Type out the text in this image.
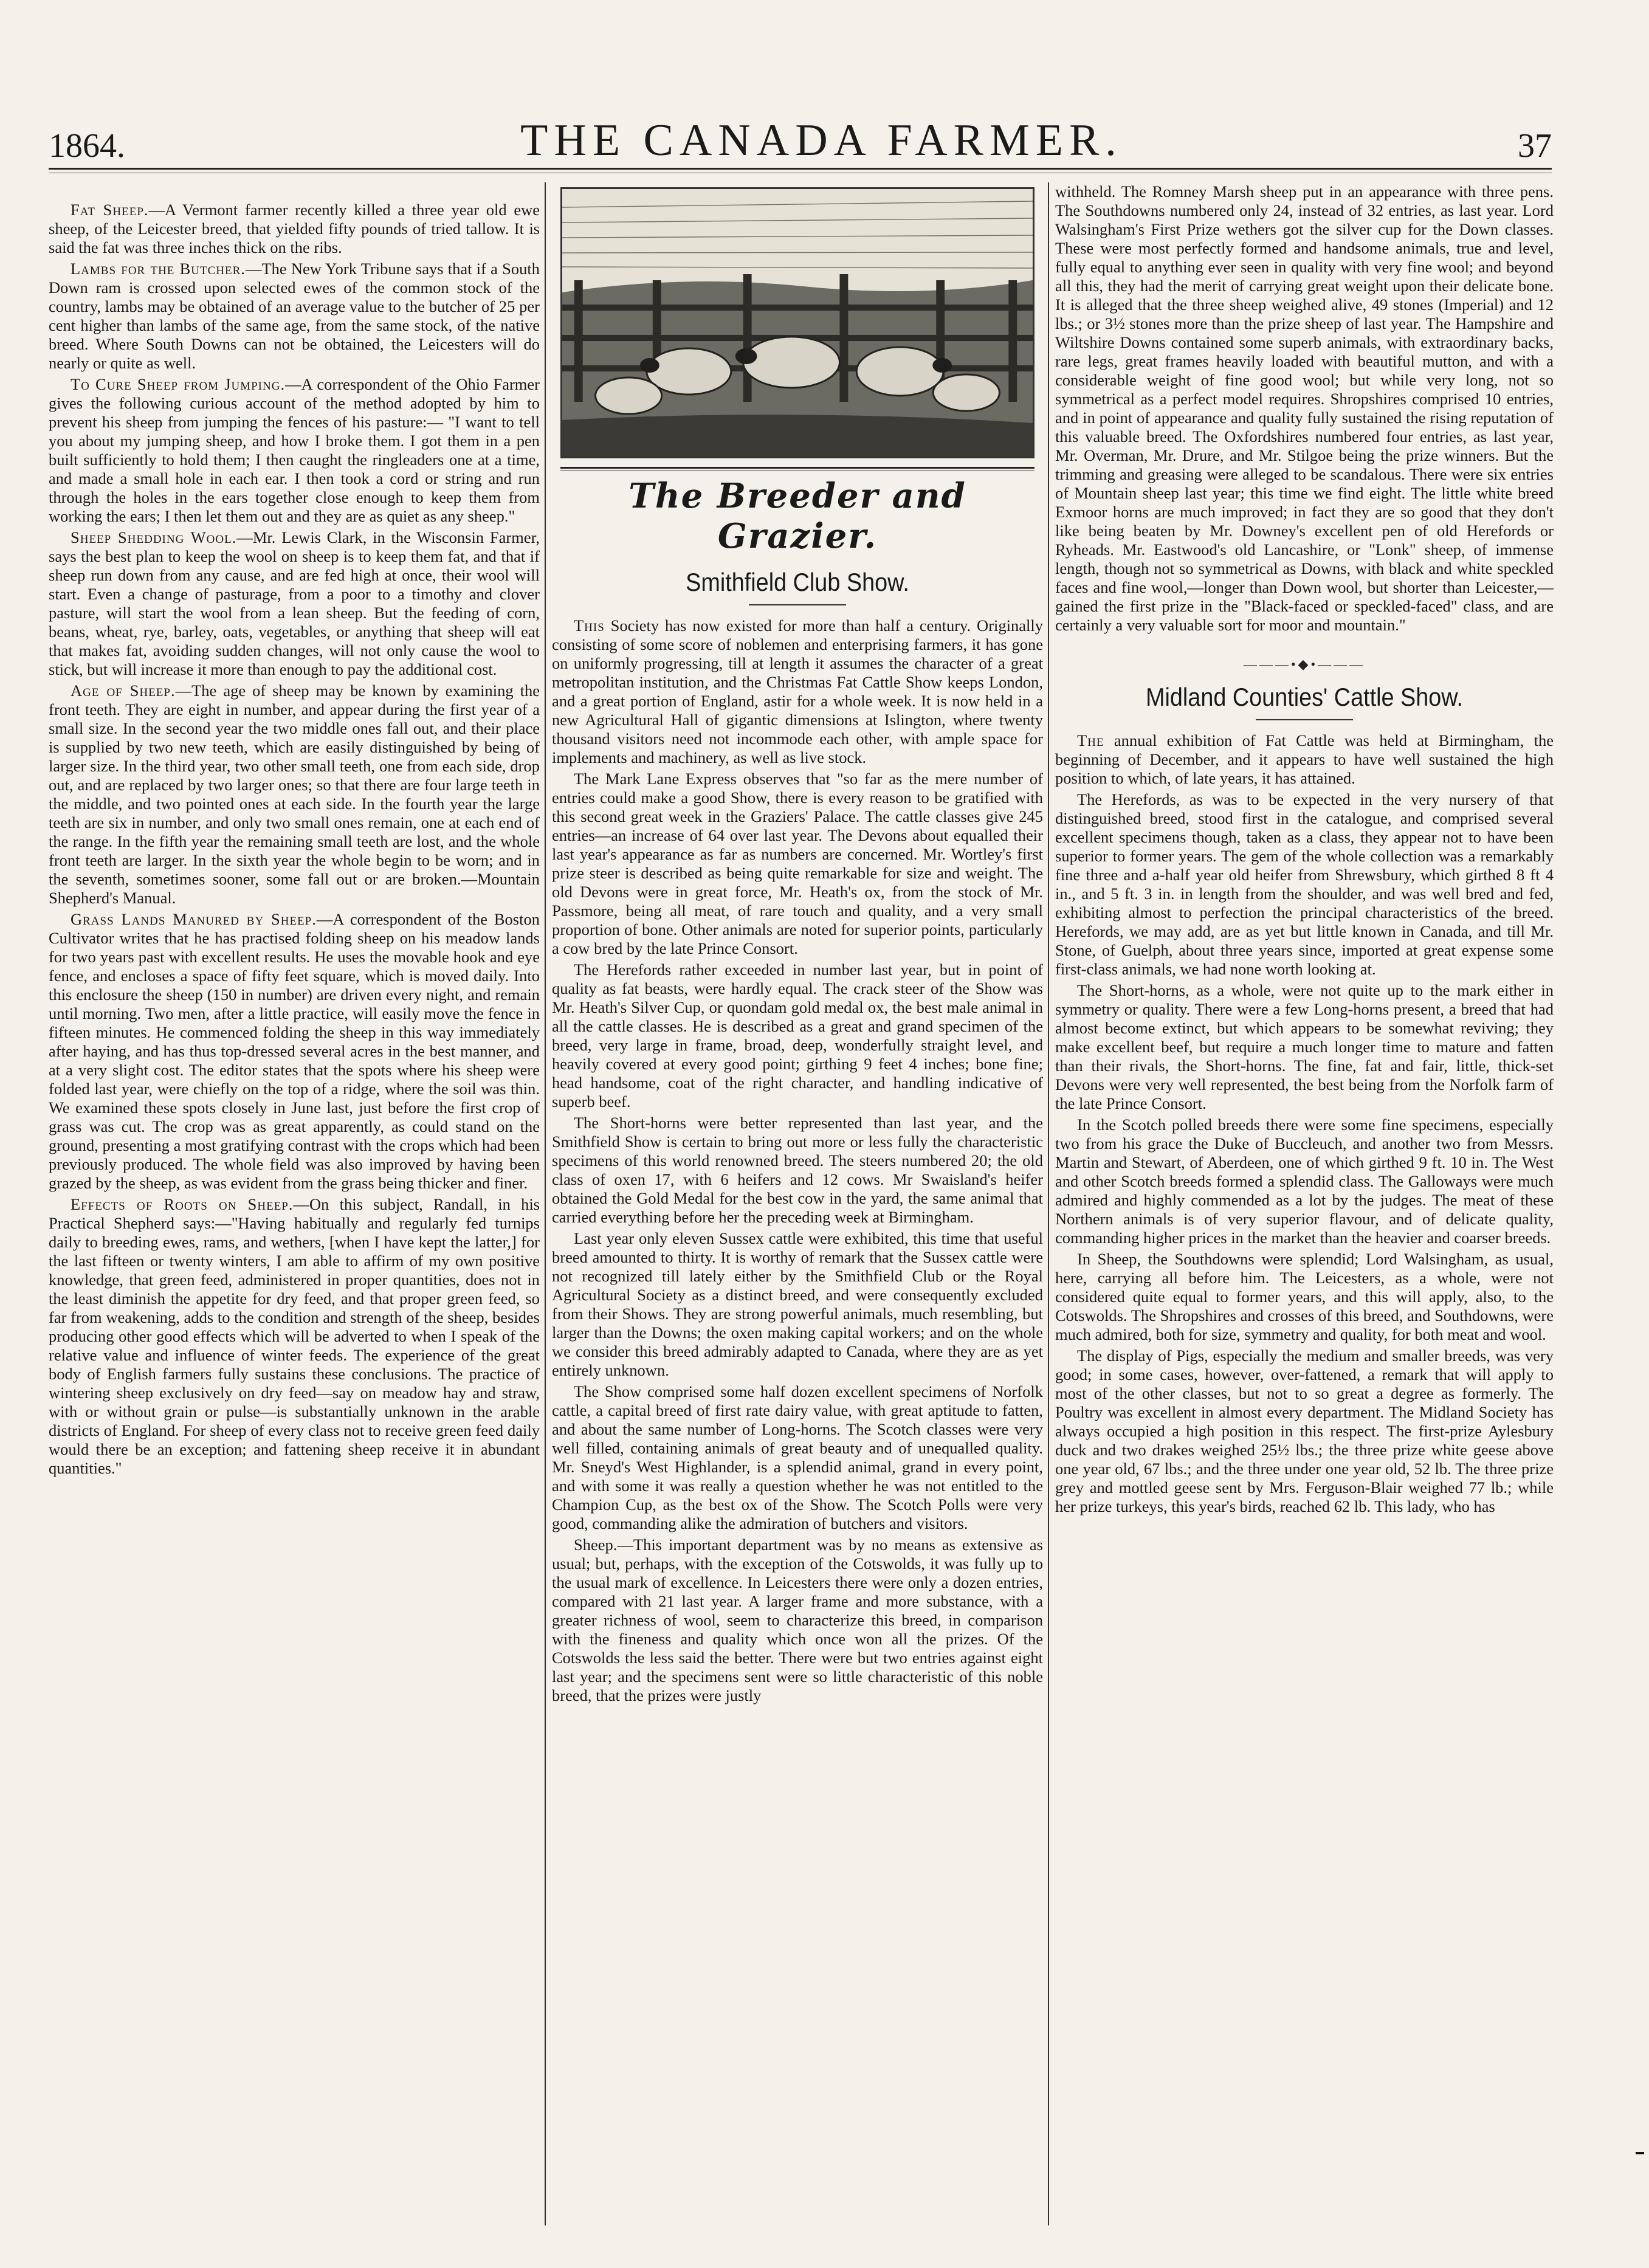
1864.	THE CANADA FARMER.	37

Fat Sheep.—A Vermont farmer recently killed a three year old ewe sheep, of the Leicester breed, that yielded fifty pounds of tried tallow. It is said the fat was three inches thick on the ribs.

Lambs for the Butcher.—The New York Tribune says that if a South Down ram is crossed upon selected ewes of the common stock of the country, lambs may be obtained of an average value to the butcher of 25 per cent higher than lambs of the same age, from the same stock, of the native breed. Where South Downs can not be obtained, the Leicesters will do nearly or quite as well.

To Cure Sheep from Jumping.—A correspondent of the Ohio Farmer gives the following curious account of the method adopted by him to prevent his sheep from jumping the fences of his pasture:— "I want to tell you about my jumping sheep, and how I broke them. I got them in a pen built sufficiently to hold them; I then caught the ringleaders one at a time, and made a small hole in each ear. I then took a cord or string and run through the holes in the ears together close enough to keep them from working the ears; I then let them out and they are as quiet as any sheep."

Sheep Shedding Wool.—Mr. Lewis Clark, in the Wisconsin Farmer, says the best plan to keep the wool on sheep is to keep them fat, and that if sheep run down from any cause, and are fed high at once, their wool will start. Even a change of pasturage, from a poor to a timothy and clover pasture, will start the wool from a lean sheep. But the feeding of corn, beans, wheat, rye, barley, oats, vegetables, or anything that sheep will eat that makes fat, avoiding sudden changes, will not only cause the wool to stick, but will increase it more than enough to pay the additional cost.

Age of Sheep.—The age of sheep may be known by examining the front teeth. They are eight in number, and appear during the first year of a small size. In the second year the two middle ones fall out, and their place is supplied by two new teeth, which are easily distinguished by being of larger size. In the third year, two other small teeth, one from each side, drop out, and are replaced by two larger ones; so that there are four large teeth in the middle, and two pointed ones at each side. In the fourth year the large teeth are six in number, and only two small ones remain, one at each end of the range. In the fifth year the remaining small teeth are lost, and the whole front teeth are larger. In the sixth year the whole begin to be worn; and in the seventh, sometimes sooner, some fall out or are broken.—Mountain Shepherd's Manual.

Grass Lands Manured by Sheep.—A correspondent of the Boston Cultivator writes that he has practised folding sheep on his meadow lands for two years past with excellent results. He uses the movable hook and eye fence, and encloses a space of fifty feet square, which is moved daily. Into this enclosure the sheep (150 in number) are driven every night, and remain until morning. Two men, after a little practice, will easily move the fence in fifteen minutes. He commenced folding the sheep in this way immediately after haying, and has thus top-dressed several acres in the best manner, and at a very slight cost. The editor states that the spots where his sheep were folded last year, were chiefly on the top of a ridge, where the soil was thin. We examined these spots closely in June last, just before the first crop of grass was cut. The crop was as great apparently, as could stand on the ground, presenting a most gratifying contrast with the crops which had been previously produced. The whole field was also improved by having been grazed by the sheep, as was evident from the grass being thicker and finer.

Effects of Roots on Sheep.—On this subject, Randall, in his Practical Shepherd says:—"Having habitually and regularly fed turnips daily to breeding ewes, rams, and wethers, [when I have kept the latter,] for the last fifteen or twenty winters, I am able to affirm of my own positive knowledge, that green feed, administered in proper quantities, does not in the least diminish the appetite for dry feed, and that proper green feed, so far from weakening, adds to the condition and strength of the sheep, besides producing other good effects which will be adverted to when I speak of the relative value and influence of winter feeds. The experience of the great body of English farmers fully sustains these conclusions. The practice of wintering sheep exclusively on dry feed—say on meadow hay and straw, with or without grain or pulse—is substantially unknown in the arable districts of England. For sheep of every class not to receive green feed daily would there be an exception; and fattening sheep receive it in abundant quantities."

The Breeder and Grazier.
Smithfield Club Show.

This Society has now existed for more than half a century. Originally consisting of some score of noblemen and enterprising farmers, it has gone on uniformly progressing, till at length it assumes the character of a great metropolitan institution, and the Christmas Fat Cattle Show keeps London, and a great portion of England, astir for a whole week. It is now held in a new Agricultural Hall of gigantic dimensions at Islington, where twenty thousand visitors need not incommode each other, with ample space for implements and machinery, as well as live stock.

The Mark Lane Express observes that "so far as the mere number of entries could make a good Show, there is every reason to be gratified with this second great week in the Graziers' Palace. The cattle classes give 245 entries—an increase of 64 over last year. The Devons about equalled their last year's appearance as far as numbers are concerned. Mr. Wortley's first prize steer is described as being quite remarkable for size and weight. The old Devons were in great force, Mr. Heath's ox, from the stock of Mr. Passmore, being all meat, of rare touch and quality, and a very small proportion of bone. Other animals are noted for superior points, particularly a cow bred by the late Prince Consort.

The Herefords rather exceeded in number last year, but in point of quality as fat beasts, were hardly equal. The crack steer of the Show was Mr. Heath's Silver Cup, or quondam gold medal ox, the best male animal in all the cattle classes. He is described as a great and grand specimen of the breed, very large in frame, broad, deep, wonderfully straight level, and heavily covered at every good point; girthing 9 feet 4 inches; bone fine; head handsome, coat of the right character, and handling indicative of superb beef.

The Short-horns were better represented than last year, and the Smithfield Show is certain to bring out more or less fully the characteristic specimens of this world renowned breed. The steers numbered 20; the old class of oxen 17, with 6 heifers and 12 cows. Mr Swaisland's heifer obtained the Gold Medal for the best cow in the yard, the same animal that carried everything before her the preceding week at Birmingham.

Last year only eleven Sussex cattle were exhibited, this time that useful breed amounted to thirty. It is worthy of remark that the Sussex cattle were not recognized till lately either by the Smithfield Club or the Royal Agricultural Society as a distinct breed, and were consequently excluded from their Shows. They are strong powerful animals, much resembling, but larger than the Downs; the oxen making capital workers; and on the whole we consider this breed admirably adapted to Canada, where they are as yet entirely unknown.

The Show comprised some half dozen excellent specimens of Norfolk cattle, a capital breed of first rate dairy value, with great aptitude to fatten, and about the same number of Long-horns. The Scotch classes were very well filled, containing animals of great beauty and of unequalled quality. Mr. Sneyd's West Highlander, is a splendid animal, grand in every point, and with some it was really a question whether he was not entitled to the Champion Cup, as the best ox of the Show. The Scotch Polls were very good, commanding alike the admiration of butchers and visitors.

Sheep.—This important department was by no means as extensive as usual; but, perhaps, with the exception of the Cotswolds, it was fully up to the usual mark of excellence. In Leicesters there were only a dozen entries, compared with 21 last year. A larger frame and more substance, with a greater richness of wool, seem to characterize this breed, in comparison with the fineness and quality which once won all the prizes. Of the Cotswolds the less said the better. There were but two entries against eight last year; and the specimens sent were so little characteristic of this noble breed, that the prizes were justly

withheld. The Romney Marsh sheep put in an appearance with three pens. The Southdowns numbered only 24, instead of 32 entries, as last year. Lord Walsingham's First Prize wethers got the silver cup for the Down classes. These were most perfectly formed and handsome animals, true and level, fully equal to anything ever seen in quality with very fine wool; and beyond all this, they had the merit of carrying great weight upon their delicate bone. It is alleged that the three sheep weighed alive, 49 stones (Imperial) and 12 lbs.; or 3½ stones more than the prize sheep of last year. The Hampshire and Wiltshire Downs contained some superb animals, with extraordinary backs, rare legs, great frames heavily loaded with beautiful mutton, and with a considerable weight of fine good wool; but while very long, not so symmetrical as a perfect model requires. Shropshires comprised 10 entries, and in point of appearance and quality fully sustained the rising reputation of this valuable breed. The Oxfordshires numbered four entries, as last year, Mr. Overman, Mr. Drure, and Mr. Stilgoe being the prize winners. But the trimming and greasing were alleged to be scandalous. There were six entries of Mountain sheep last year; this time we find eight. The little white breed Exmoor horns are much improved; in fact they are so good that they don't like being beaten by Mr. Downey's excellent pen of old Herefords or Ryheads. Mr. Eastwood's old Lancashire, or "Lonk" sheep, of immense length, though not so symmetrical as Downs, with black and white speckled faces and fine wool,—longer than Down wool, but shorter than Leicester,—gained the first prize in the "Black-faced or speckled-faced" class, and are certainly a very valuable sort for moor and mountain."

———•◆•———
Midland Counties' Cattle Show.

The annual exhibition of Fat Cattle was held at Birmingham, the beginning of December, and it appears to have well sustained the high position to which, of late years, it has attained.

The Herefords, as was to be expected in the very nursery of that distinguished breed, stood first in the catalogue, and comprised several excellent specimens though, taken as a class, they appear not to have been superior to former years. The gem of the whole collection was a remarkably fine three and a-half year old heifer from Shrewsbury, which girthed 8 ft 4 in., and 5 ft. 3 in. in length from the shoulder, and was well bred and fed, exhibiting almost to perfection the principal characteristics of the breed. Herefords, we may add, are as yet but little known in Canada, and till Mr. Stone, of Guelph, about three years since, imported at great expense some first-class animals, we had none worth looking at.

The Short-horns, as a whole, were not quite up to the mark either in symmetry or quality. There were a few Long-horns present, a breed that had almost become extinct, but which appears to be somewhat reviving; they make excellent beef, but require a much longer time to mature and fatten than their rivals, the Short-horns. The fine, fat and fair, little, thick-set Devons were very well represented, the best being from the Norfolk farm of the late Prince Consort.

In the Scotch polled breeds there were some fine specimens, especially two from his grace the Duke of Buccleuch, and another two from Messrs. Martin and Stewart, of Aberdeen, one of which girthed 9 ft. 10 in. The West and other Scotch breeds formed a splendid class. The Galloways were much admired and highly commended as a lot by the judges. The meat of these Northern animals is of very superior flavour, and of delicate quality, commanding higher prices in the market than the heavier and coarser breeds.

In Sheep, the Southdowns were splendid; Lord Walsingham, as usual, here, carrying all before him. The Leicesters, as a whole, were not considered quite equal to former years, and this will apply, also, to the Cotswolds. The Shropshires and crosses of this breed, and Southdowns, were much admired, both for size, symmetry and quality, for both meat and wool.

The display of Pigs, especially the medium and smaller breeds, was very good; in some cases, however, over-fattened, a remark that will apply to most of the other classes, but not to so great a degree as formerly. The Poultry was excellent in almost every department. The Midland Society has always occupied a high position in this respect. The first-prize Aylesbury duck and two drakes weighed 25½ lbs.; the three prize white geese above one year old, 67 lbs.; and the three under one year old, 52 lb. The three prize grey and mottled geese sent by Mrs. Ferguson-Blair weighed 77 lb.; while her prize turkeys, this year's birds, reached 62 lb. This lady, who has
